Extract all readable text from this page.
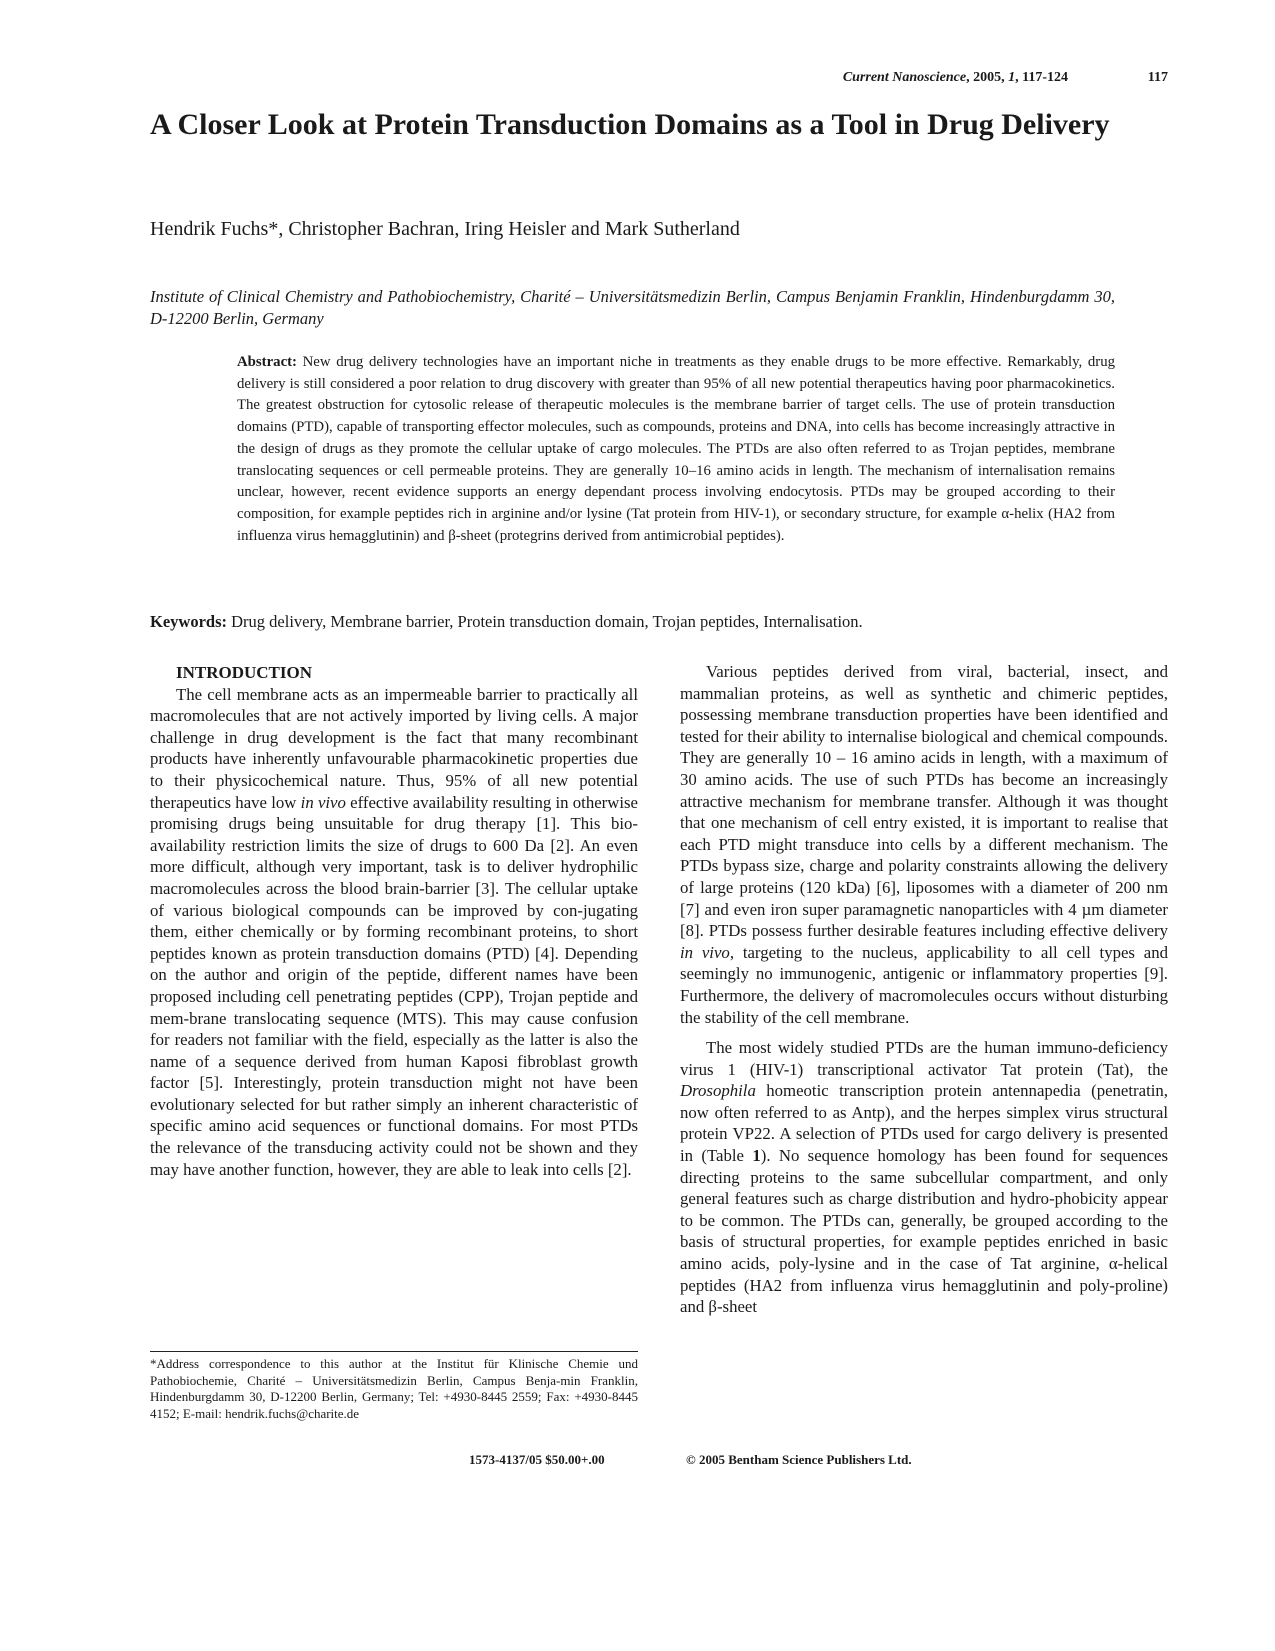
Current Nanoscience, 2005, 1, 117-124	117
A Closer Look at Protein Transduction Domains as a Tool in Drug Delivery
Hendrik Fuchs*, Christopher Bachran, Iring Heisler and Mark Sutherland
Institute of Clinical Chemistry and Pathobiochemistry, Charité – Universitätsmedizin Berlin, Campus Benjamin Franklin, Hindenburgdamm 30, D-12200 Berlin, Germany

Abstract: New drug delivery technologies have an important niche in treatments as they enable drugs to be more effective. Remarkably, drug delivery is still considered a poor relation to drug discovery with greater than 95% of all new potential therapeutics having poor pharmacokinetics. The greatest obstruction for cytosolic release of therapeutic molecules is the membrane barrier of target cells. The use of protein transduction domains (PTD), capable of transporting effector molecules, such as compounds, proteins and DNA, into cells has become increasingly attractive in the design of drugs as they promote the cellular uptake of cargo molecules. The PTDs are also often referred to as Trojan peptides, membrane translocating sequences or cell permeable proteins. They are generally 10–16 amino acids in length. The mechanism of internalisation remains unclear, however, recent evidence supports an energy dependant process involving endocytosis. PTDs may be grouped according to their composition, for example peptides rich in arginine and/or lysine (Tat protein from HIV-1), or secondary structure, for example α-helix (HA2 from influenza virus hemagglutinin) and β-sheet (protegrins derived from antimicrobial peptides).

Keywords: Drug delivery, Membrane barrier, Protein transduction domain, Trojan peptides, Internalisation.

INTRODUCTION

The cell membrane acts as an impermeable barrier to practically all macromolecules that are not actively imported by living cells. A major challenge in drug development is the fact that many recombinant products have inherently unfavourable pharmacokinetic properties due to their physicochemical nature. Thus, 95% of all new potential therapeutics have low in vivo effective availability resulting in otherwise promising drugs being unsuitable for drug therapy [1]. This bio-availability restriction limits the size of drugs to 600 Da [2]. An even more difficult, although very important, task is to deliver hydrophilic macromolecules across the blood brain-barrier [3]. The cellular uptake of various biological compounds can be improved by con-jugating them, either chemically or by forming recombinant proteins, to short peptides known as protein transduction domains (PTD) [4]. Depending on the author and origin of the peptide, different names have been proposed including cell penetrating peptides (CPP), Trojan peptide and mem-brane translocating sequence (MTS). This may cause confusion for readers not familiar with the field, especially as the latter is also the name of a sequence derived from human Kaposi fibroblast growth factor [5]. Interestingly, protein transduction might not have been evolutionary selected for but rather simply an inherent characteristic of specific amino acid sequences or functional domains. For most PTDs the relevance of the transducing activity could not be shown and they may have another function, however, they are able to leak into cells [2].

Various peptides derived from viral, bacterial, insect, and mammalian proteins, as well as synthetic and chimeric peptides, possessing membrane transduction properties have been identified and tested for their ability to internalise biological and chemical compounds. They are generally 10 – 16 amino acids in length, with a maximum of 30 amino acids. The use of such PTDs has become an increasingly attractive mechanism for membrane transfer. Although it was thought that one mechanism of cell entry existed, it is important to realise that each PTD might transduce into cells by a different mechanism. The PTDs bypass size, charge and polarity constraints allowing the delivery of large proteins (120 kDa) [6], liposomes with a diameter of 200 nm [7] and even iron super paramagnetic nanoparticles with 4 µm diameter [8]. PTDs possess further desirable features including effective delivery in vivo, targeting to the nucleus, applicability to all cell types and seemingly no immunogenic, antigenic or inflammatory properties [9]. Furthermore, the delivery of macromolecules occurs without disturbing the stability of the cell membrane.

The most widely studied PTDs are the human immuno-deficiency virus 1 (HIV-1) transcriptional activator Tat protein (Tat), the Drosophila homeotic transcription protein antennapedia (penetratin, now often referred to as Antp), and the herpes simplex virus structural protein VP22. A selection of PTDs used for cargo delivery is presented in (Table 1). No sequence homology has been found for sequences directing proteins to the same subcellular compartment, and only general features such as charge distribution and hydro-phobicity appear to be common. The PTDs can, generally, be grouped according to the basis of structural properties, for example peptides enriched in basic amino acids, poly-lysine and in the case of Tat arginine, α-helical peptides (HA2 from influenza virus hemagglutinin and poly-proline) and β-sheet

*Address correspondence to this author at the Institut für Klinische Chemie und Pathobiochemie, Charité – Universitätsmedizin Berlin, Campus Benja-min Franklin, Hindenburgdamm 30, D-12200 Berlin, Germany; Tel: +4930-8445 2559; Fax: +4930-8445 4152; E-mail: hendrik.fuchs@charite.de
1573-4137/05 $50.00+.00	© 2005 Bentham Science Publishers Ltd.
